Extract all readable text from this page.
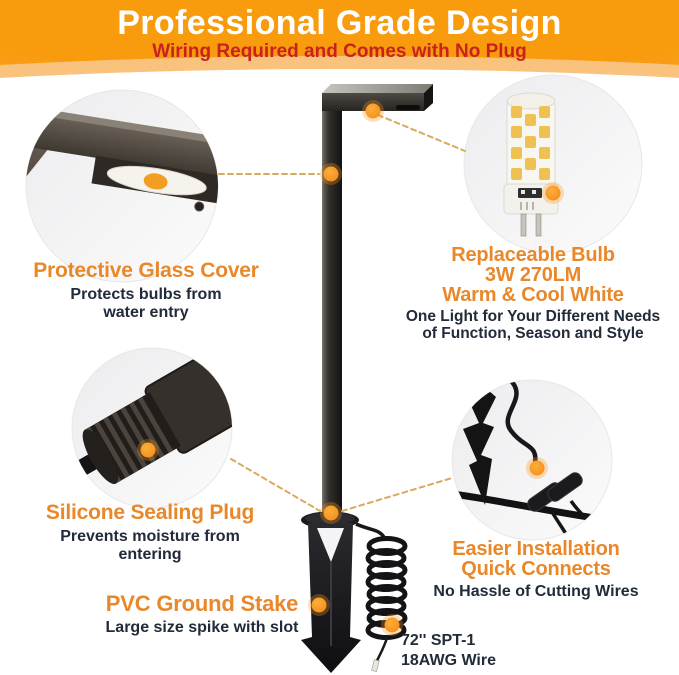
Professional Grade Design
Wiring Required and Comes with No Plug
Protective Glass Cover
Protects bulbs from
water entry
Replaceable Bulb
3W 270LM
Warm & Cool White
One Light for Your Different Needs
of Function, Season and Style
Silicone Sealing Plug
Prevents moisture from
entering
PVC Ground Stake
Large size spike with slot
Easier Installation
Quick Connects
No Hassle of Cutting Wires
72'' SPT-1
18AWG Wire
